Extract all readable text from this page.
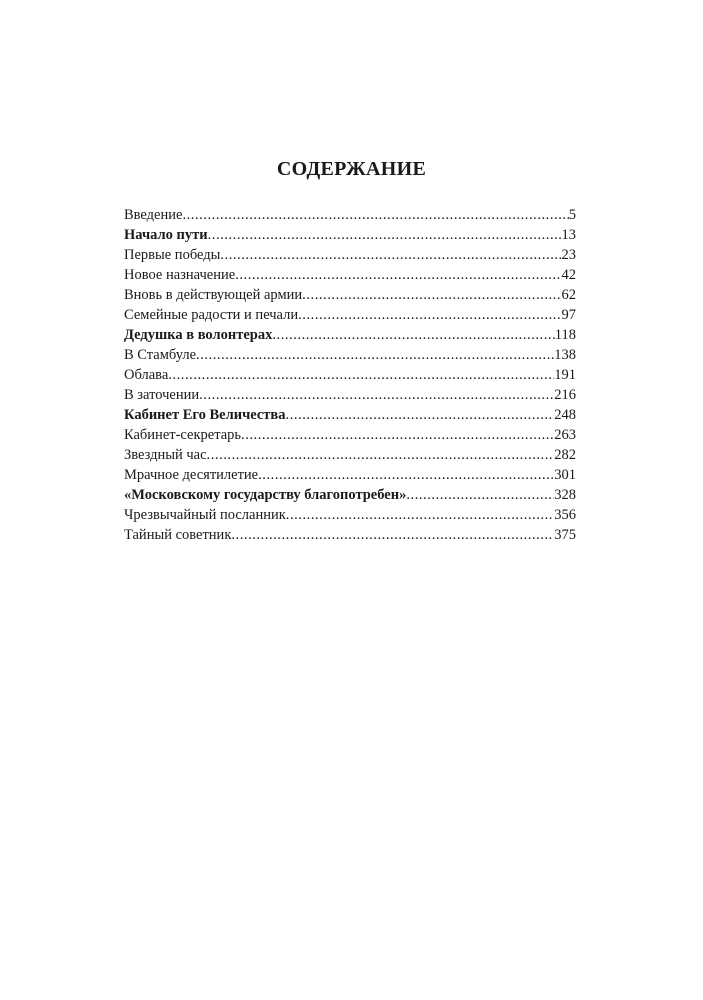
СОДЕРЖАНИЕ
Введение .....	5
Начало пути .....	13
Первые победы .....	23
Новое назначение .....	42
Вновь в действующей армии .....	62
Семейные радости и печали .....	97
Дедушка в волонтерах .....	118
В Стамбуле .....	138
Облава .....	191
В заточении .....	216
Кабинет Его Величества .....	248
Кабинет-секретарь .....	263
Звездный час .....	282
Мрачное десятилетие .....	301
«Московскому государству благопотребен» .....	328
Чрезвычайный посланник .....	356
Тайный советник .....	375
